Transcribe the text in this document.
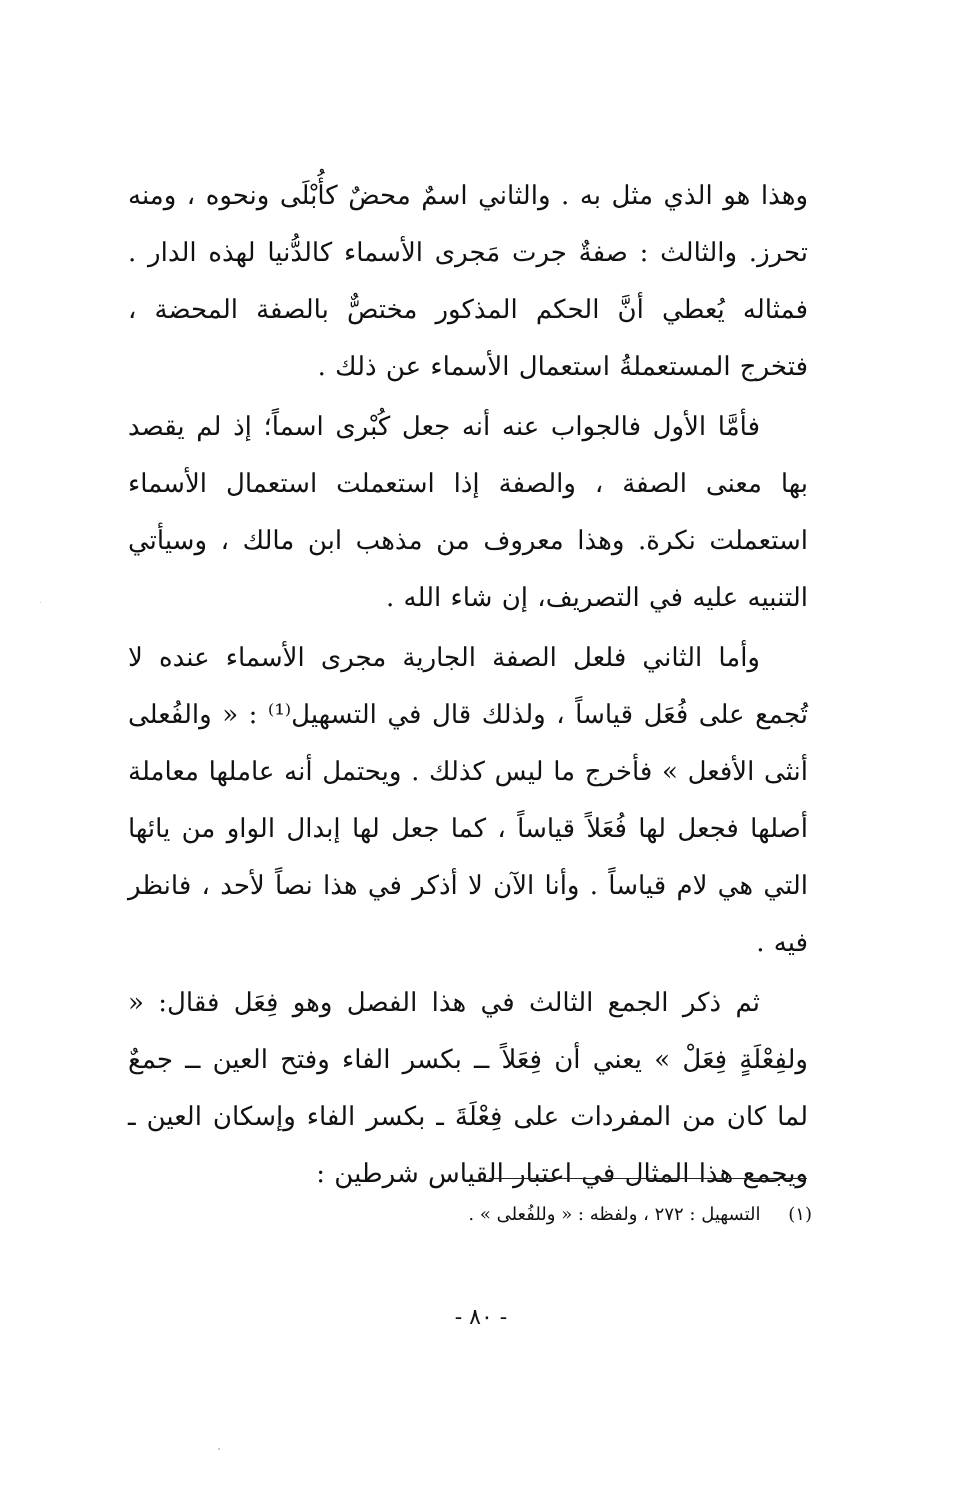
وهذا هو الذي مثل به . والثاني اسمٌ محضٌ كأُبْلَى ونحوه ، ومنه تحرز. والثالث : صفةٌ جرت مَجرى الأسماء كالدُّنيا لهذه الدار . فمثاله يُعطي أنَّ الحكم المذكور مختصٌّ بالصفة المحضة ، فتخرج المستعملةُ استعمال الأسماء عن ذلك .

فأمَّا الأول فالجواب عنه أنه جعل كُبْرى اسماً؛ إذ لم يقصد بها معنى الصفة ، والصفة إذا استعملت استعمال الأسماء استعملت نكرة. وهذا معروف من مذهب ابن مالك ، وسيأتي التنبيه عليه في التصريف، إن شاء الله .

وأما الثاني فلعل الصفة الجارية مجرى الأسماء عنده لا تُجمع على فُعَل قياساً ، ولذلك قال في التسهيل⁽¹⁾ : « والفُعلى أنثى الأفعل » فأخرج ما ليس كذلك . ويحتمل أنه عاملها معاملة أصلها فجعل لها فُعَلاً قياساً ، كما جعل لها إبدال الواو من يائها التي هي لام قياساً . وأنا الآن لا أذكر في هذا نصاً لأحد ، فانظر فيه .

ثم ذكر الجمع الثالث في هذا الفصل وهو فِعَل فقال: « ولفِعْلَةٍ فِعَلْ » يعني أن فِعَلاً ــ بكسر الفاء وفتح العين ــ جمعٌ لما كان من المفردات على فِعْلَةَ ـ بكسر الفاء وإسكان العين ـ ويجمع هذا المثال في اعتبار القياس شرطين :

(١) التسهيل : ٢٧٢ ، ولفظه : « وللفُعلى » .
- ٨٠ -
